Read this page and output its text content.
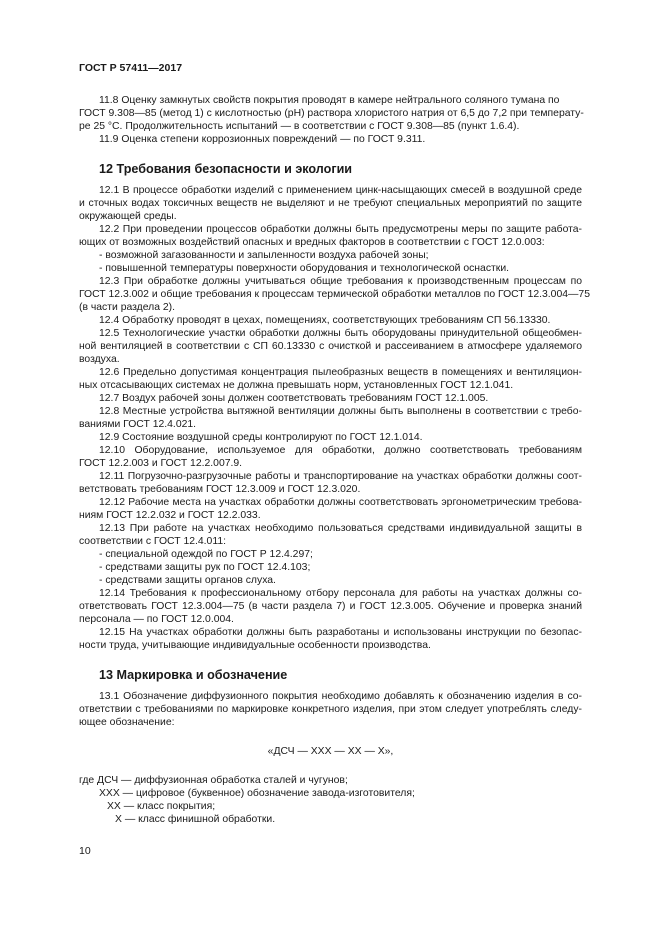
ГОСТ Р 57411—2017
11.8 Оценку замкнутых свойств покрытия проводят в камере нейтрального соляного тумана по
ГОСТ 9.308—85 (метод 1) с кислотностью (pH) раствора хлористого натрия от 6,5 до 7,2 при температу-
ре 25 °С. Продолжительность испытаний — в соответствии с ГОСТ 9.308—85 (пункт 1.6.4).
11.9 Оценка степени коррозионных повреждений — по ГОСТ 9.311.
12 Требования безопасности и экологии
12.1 В процессе обработки изделий с применением цинк-насыщающих смесей в воздушной среде
и сточных водах токсичных веществ не выделяют и не требуют специальных мероприятий по защите
окружающей среды.
12.2 При проведении процессов обработки должны быть предусмотрены меры по защите работа-
ющих от возможных воздействий опасных и вредных факторов в соответствии с ГОСТ 12.0.003:
- возможной загазованности и запыленности воздуха рабочей зоны;
- повышенной температуры поверхности оборудования и технологической оснастки.
12.3 При обработке должны учитываться общие требования к производственным процессам по
ГОСТ 12.3.002 и общие требования к процессам термической обработки металлов по ГОСТ 12.3.004—75
(в части раздела 2).
12.4 Обработку проводят в цехах, помещениях, соответствующих требованиям СП 56.13330.
12.5 Технологические участки обработки должны быть оборудованы принудительной общеобмен-
ной вентиляцией в соответствии с СП 60.13330 с очисткой и рассеиванием в атмосфере удаляемого
воздуха.
12.6 Предельно допустимая концентрация пылеобразных веществ в помещениях и вентиляцион-
ных отсасывающих системах не должна превышать норм, установленных ГОСТ 12.1.041.
12.7 Воздух рабочей зоны должен соответствовать требованиям ГОСТ 12.1.005.
12.8 Местные устройства вытяжной вентиляции должны быть выполнены в соответствии с требо-
ваниями ГОСТ 12.4.021.
12.9 Состояние воздушной среды контролируют по ГОСТ 12.1.014.
12.10 Оборудование, используемое для обработки, должно соответствовать требованиям
ГОСТ 12.2.003 и ГОСТ 12.2.007.9.
12.11 Погрузочно-разгрузочные работы и транспортирование на участках обработки должны соот-
ветствовать требованиям ГОСТ 12.3.009 и ГОСТ 12.3.020.
12.12 Рабочие места на участках обработки должны соответствовать эргонометрическим требова-
ниям ГОСТ 12.2.032 и ГОСТ 12.2.033.
12.13 При работе на участках необходимо пользоваться средствами индивидуальной защиты в
соответствии с ГОСТ 12.4.011:
- специальной одеждой по ГОСТ Р 12.4.297;
- средствами защиты рук по ГОСТ 12.4.103;
- средствами защиты органов слуха.
12.14 Требования к профессиональному отбору персонала для работы на участках должны со-
ответствовать ГОСТ 12.3.004—75 (в части раздела 7) и ГОСТ 12.3.005. Обучение и проверка знаний
персонала — по ГОСТ 12.0.004.
12.15 На участках обработки должны быть разработаны и использованы инструкции по безопас-
ности труда, учитывающие индивидуальные особенности производства.
13 Маркировка и обозначение
13.1 Обозначение диффузионного покрытия необходимо добавлять к обозначению изделия в со-
ответствии с требованиями по маркировке конкретного изделия, при этом следует употреблять следу-
ющее обозначение:
«ДСЧ — XXX — XX — X»,
где ДСЧ — диффузионная обработка сталей и чугунов;
XXX — цифровое (буквенное) обозначение завода-изготовителя;
XX — класс покрытия;
X — класс финишной обработки.
10
